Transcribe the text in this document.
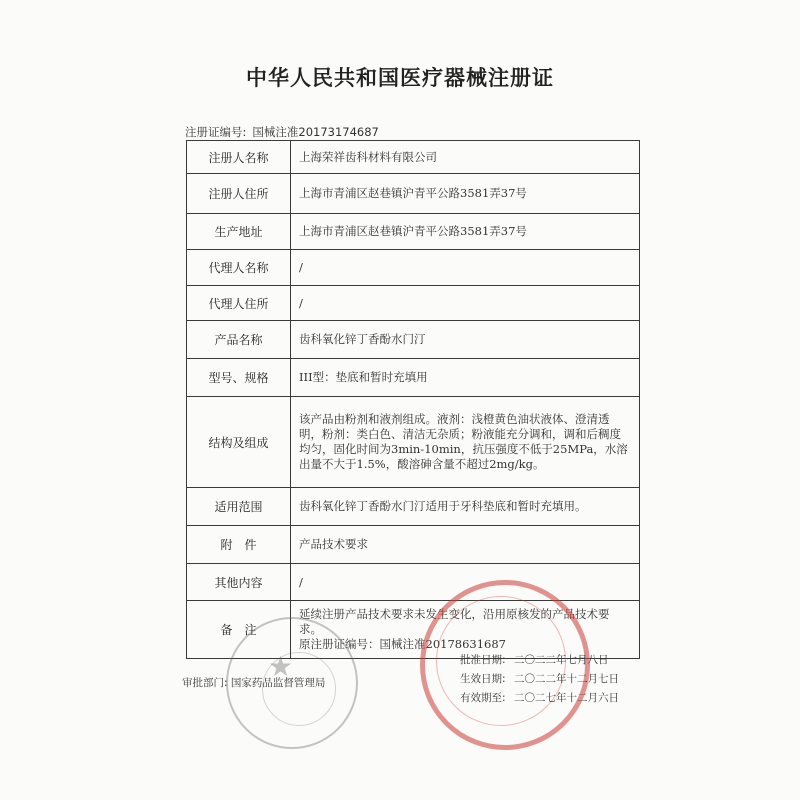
中华人民共和国医疗器械注册证
注册证编号: 国械注准20173174687
注册人名称	上海荣祥齿科材料有限公司
注册人住所	上海市青浦区赵巷镇沪青平公路3581弄37号
生产地址	上海市青浦区赵巷镇沪青平公路3581弄37号
代理人名称	/
代理人住所	/
产品名称	齿科氧化锌丁香酚水门汀
型号、规格	III型：垫底和暂时充填用
结构及组成	该产品由粉剂和液剂组成。液剂：浅橙黄色油状液体、澄清透明，粉剂：类白色、清洁无杂质；粉液能充分调和，调和后稠度均匀，固化时间为3min-10min，抗压强度不低于25MPa，水溶出量不大于1.5%，酸溶砷含量不超过2mg/kg。
适用范围	齿科氧化锌丁香酚水门汀适用于牙科垫底和暂时充填用。
附　件	产品技术要求
其他内容	/
备　注	延续注册产品技术要求未发生变化，沿用原核发的产品技术要求。
原注册证编号：国械注准20178631687
★
审批部门: 国家药品监督管理局
批准日期: 二〇二二年七月八日
生效日期: 二〇二二年十二月七日
有效期至: 二〇二七年十二月六日
